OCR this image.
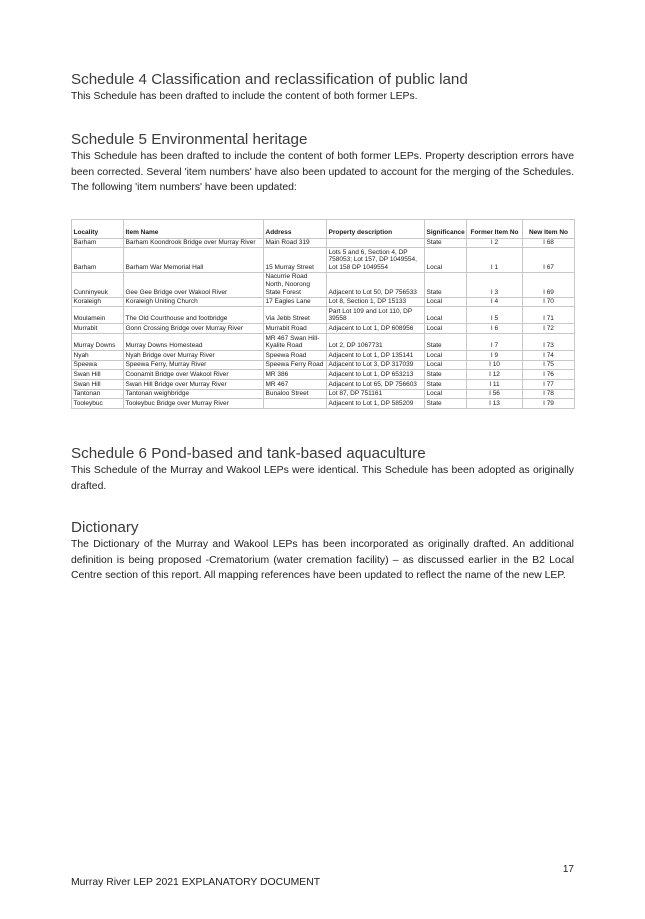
Schedule 4 Classification and reclassification of public land

This Schedule has been drafted to include the content of both former LEPs.

Schedule 5 Environmental heritage

This Schedule has been drafted to include the content of both former LEPs. Property description errors have been corrected. Several 'item numbers' have also been updated to account for the merging of the Schedules. The following 'item numbers' have been updated:

Locality	Item Name	Address	Property description	Significance	Former Item No	New Item No
Barham	Barham Koondrook Bridge over Murray River	Main Road 319		State	I 2	I 68
Barham	Barham War Memorial Hall	15 Murray Street	Lots 5 and 6, Section 4, DP 758053; Lot 157, DP 1049554, Lot 158 DP 1049554	Local	I 1	I 67
Cunninyeuk	Gee Gee Bridge over Wakool River	Nacurrie Road North, Noorong State Forest	Adjacent to Lot 50, DP 756533	State	I 3	I 69
Koraleigh	Koraleigh Uniting Church	17 Eagles Lane	Lot 8, Section 1, DP 15133	Local	I 4	I 70
Moulamein	The Old Courthouse and footbridge	Via Jebb Street	Part Lot 109 and Lot 110, DP 39558	Local	I 5	I 71
Murrabit	Gonn Crossing Bridge over Murray River	Murrabit Road	Adjacent to Lot 1, DP 608956	Local	I 6	I 72
Murray Downs	Murray Downs Homestead	MR 467 Swan Hill-Kyalite Road	Lot 2, DP 1067731	State	I 7	I 73
Nyah	Nyah Bridge over Murray River	Speewa Road	Adjacent to Lot 1, DP 135141	Local	I 9	I 74
Speewa	Speewa Ferry, Murray River	Speewa Ferry Road	Adjacent to Lot 3, DP 317039	Local	I 10	I 75
Swan Hill	Coonamit Bridge over Wakool River	MR 386	Adjacent to Lot 1, DP 653213	State	I 12	I 76
Swan Hill	Swan Hill Bridge over Murray River	MR 467	Adjacent to Lot 65, DP 756603	State	I 11	I 77
Tantonan	Tantonan weighbridge	Bunaloo Street	Lot 87, DP 751161	Local	I 56	I 78
Tooleybuc	Tooleybuc Bridge over Murray River		Adjacent to Lot 1, DP 585209	State	I 13	I 79
Schedule 6 Pond-based and tank-based aquaculture

This Schedule of the Murray and Wakool LEPs were identical. This Schedule has been adopted as originally drafted.

Dictionary

The Dictionary of the Murray and Wakool LEPs has been incorporated as originally drafted. An additional definition is being proposed -Crematorium (water cremation facility) – as discussed earlier in the B2 Local Centre section of this report. All mapping references have been updated to reflect the name of the new LEP.

17
Murray River LEP 2021 EXPLANATORY DOCUMENT
